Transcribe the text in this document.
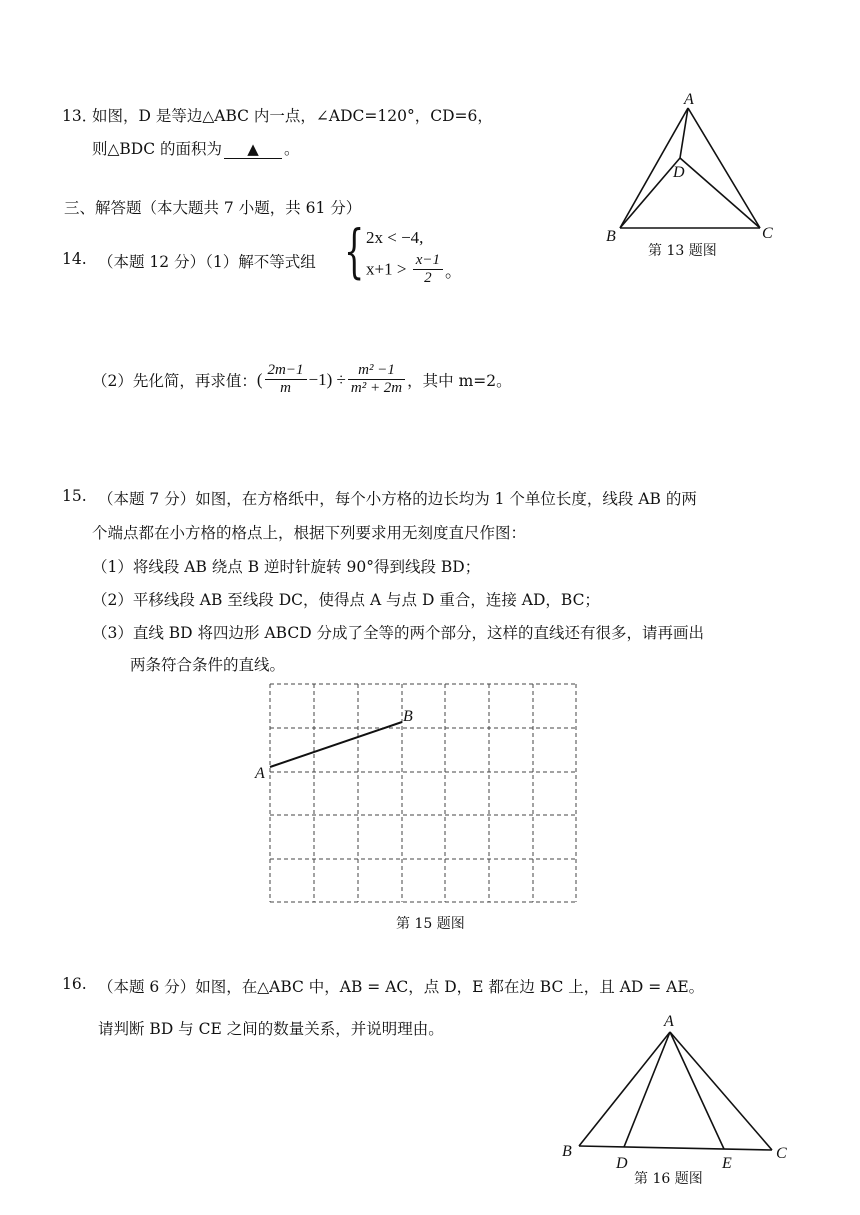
13．
如图，D 是等边△ABC 内一点，∠ADC=120°，CD=6，
则△BDC 的面积为 ▲ 。
A
B	C
D
第 13 题图
三、解答题（本大题共 7 小题，共 61 分）
14. （本题 12 分）（1）解不等式组 { 2x < −4,
$x+1 > \frac{x-1}{2}$ 。
（2）先化简，再求值： ( $\frac{2m-1}{m} -1) \div \frac{\text{m² −1}}{\text{m² + 2m}}$ ，其中 m=2。
15. （本题 7 分）如图，在方格纸中，每个小方格的边长均为 1 个单位长度，线段 AB 的两
个端点都在小方格的格点上，根据下列要求用无刻度直尺作图：
（1）将线段 AB 绕点 B 逆时针旋转 90°得到线段 BD；
（2）平移线段 AB 至线段 DC，使得点 A 与点 D 重合，连接 AD，BC；
（3）直线 BD 将四边形 ABCD 分成了全等的两个部分，这样的直线还有很多，请再画出
两条符合条件的直线。
A
B
第 15 题图
16. （本题 6 分）如图，在△ABC 中，AB = AC，点 D，E 都在边 BC 上，且 AD = AE。
请判断 BD 与 CE 之间的数量关系，并说明理由。	A
B	C
D	E
第 16 题图
